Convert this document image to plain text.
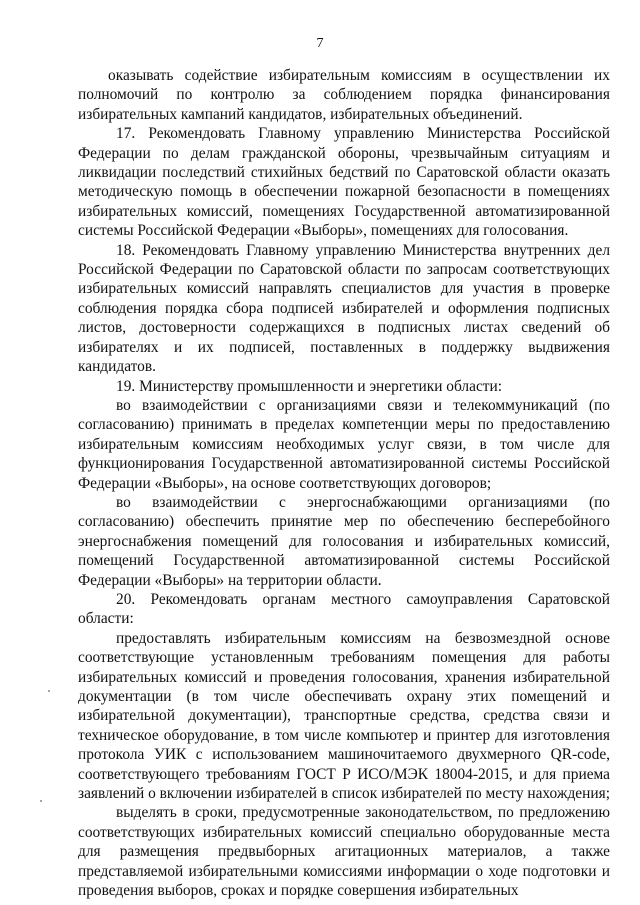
7

оказывать содействие избирательным комиссиям в осуществлении их полномочий по контролю за соблюдением порядка финансирования избирательных кампаний кандидатов, избирательных объединений.

17. Рекомендовать Главному управлению Министерства Российской Федерации по делам гражданской обороны, чрезвычайным ситуациям и ликвидации последствий стихийных бедствий по Саратовской области оказать методическую помощь в обеспечении пожарной безопасности в помещениях избирательных комиссий, помещениях Государственной автоматизированной системы Российской Федерации «Выборы», помещениях для голосования.

18. Рекомендовать Главному управлению Министерства внутренних дел Российской Федерации по Саратовской области по запросам соответствующих избирательных комиссий направлять специалистов для участия в проверке соблюдения порядка сбора подписей избирателей и оформления подписных листов, достоверности содержащихся в подписных листах сведений об избирателях и их подписей, поставленных в поддержку выдвижения кандидатов.

19. Министерству промышленности и энергетики области:

во взаимодействии с организациями связи и телекоммуникаций (по согласованию) принимать в пределах компетенции меры по предоставлению избирательным комиссиям необходимых услуг связи, в том числе для функционирования Государственной автоматизированной системы Российской Федерации «Выборы», на основе соответствующих договоров;

во взаимодействии с энергоснабжающими организациями (по согласованию) обеспечить принятие мер по обеспечению бесперебойного энергоснабжения помещений для голосования и избирательных комиссий, помещений Государственной автоматизированной системы Российской Федерации «Выборы» на территории области.

20. Рекомендовать органам местного самоуправления Саратовской области:

предоставлять избирательным комиссиям на безвозмездной основе соответствующие установленным требованиям помещения для работы избирательных комиссий и проведения голосования, хранения избирательной документации (в том числе обеспечивать охрану этих помещений и избирательной документации), транспортные средства, средства связи и техническое оборудование, в том числе компьютер и принтер для изготовления протокола УИК с использованием машиночитаемого двухмерного QR-code, соответствующего требованиям ГОСТ Р ИСО/МЭК 18004-2015, и для приема заявлений о включении избирателей в список избирателей по месту нахождения;

выделять в сроки, предусмотренные законодательством, по предложению соответствующих избирательных комиссий специально оборудованные места для размещения предвыборных агитационных материалов, а также представляемой избирательными комиссиями информации о ходе подготовки и проведения выборов, сроках и порядке совершения избирательных
